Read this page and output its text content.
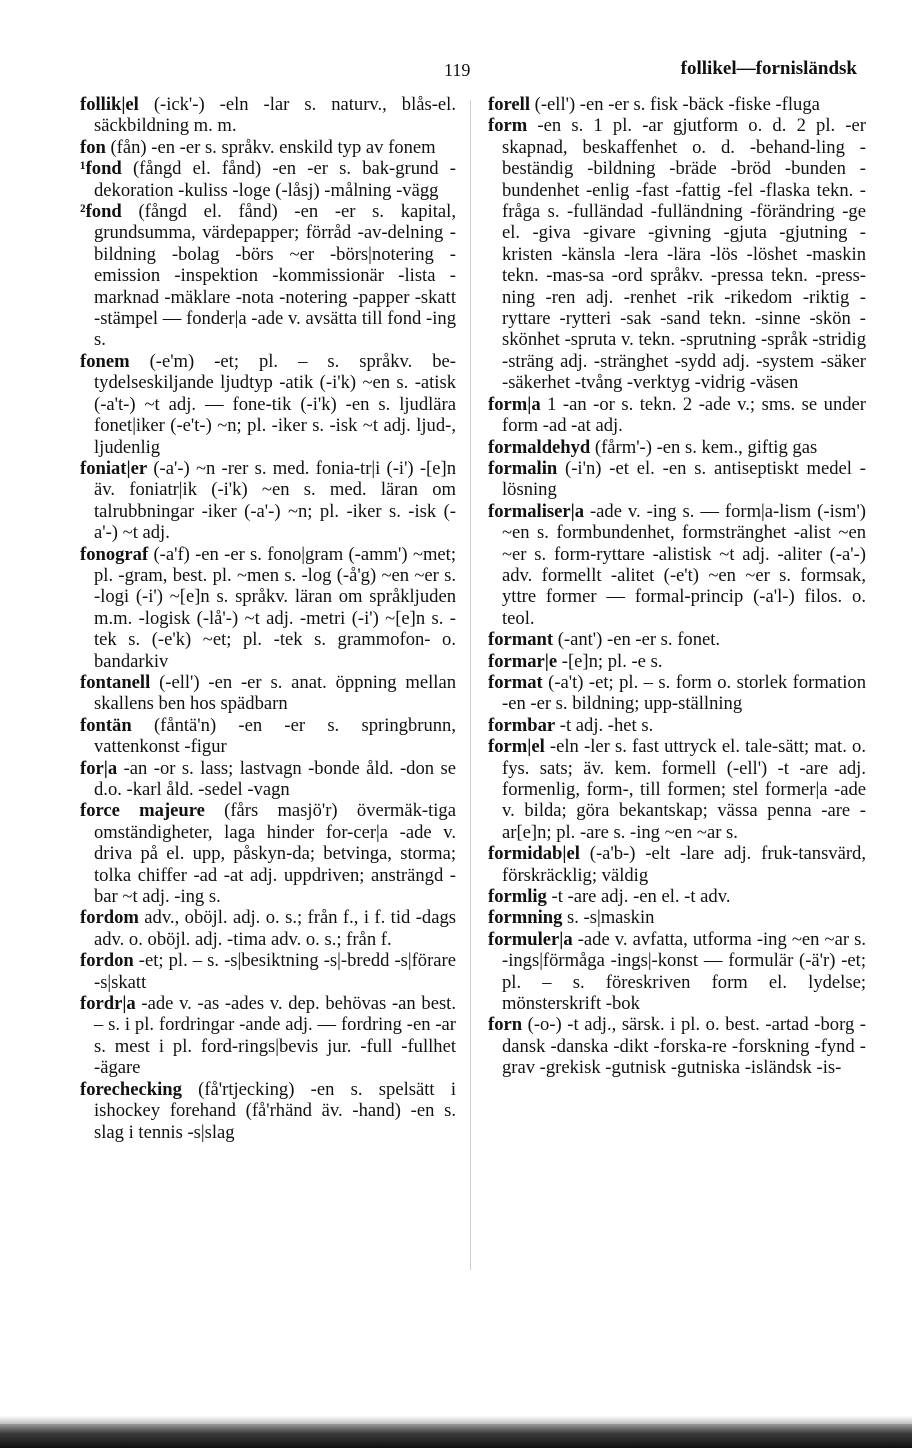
119	follikel—fornisländsk

follik|el (-ick'-) -eln -lar s. naturv., blås-el. säckbildning m. m.

fon (fån) -en -er s. språkv. enskild typ av fonem

¹fond (fångd el. fånd) -en -er s. bak-grund -dekoration -kuliss -loge (-låsj) -målning -vägg

²fond (fångd el. fånd) -en -er s. kapital, grundsumma, värdepapper; förråd -av-delning -bildning -bolag -börs ~er -börs|notering -emission -inspektion -kommissionär -lista -marknad -mäklare -nota -notering -papper -skatt -stämpel — fonder|a -ade v. avsätta till fond -ing s.

fonem (-e'm) -et; pl. – s. språkv. be-tydelseskiljande ljudtyp -atik (-i'k) ~en s. -atisk (-a't-) ~t adj. — fone-tik (-i'k) -en s. ljudlära fonet|iker (-e't-) ~n; pl. -iker s. -isk ~t adj. ljud-, ljudenlig

foniat|er (-a'-) ~n -rer s. med. fonia-tr|i (-i') -[e]n äv. foniatr|ik (-i'k) ~en s. med. läran om talrubbningar -iker (-a'-) ~n; pl. -iker s. -isk (-a'-) ~t adj.

fonograf (-a'f) -en -er s. fono|gram (-amm') ~met; pl. -gram, best. pl. ~men s. -log (-å'g) ~en ~er s. -logi (-i') ~[e]n s. språkv. läran om språkljuden m.m. -logisk (-lå'-) ~t adj. -metri (-i') ~[e]n s. -tek s. (-e'k) ~et; pl. -tek s. grammofon- o. bandarkiv

fontanell (-ell') -en -er s. anat. öppning mellan skallens ben hos spädbarn

fontän (fåntä'n) -en -er s. springbrunn, vattenkonst -figur

for|a -an -or s. lass; lastvagn -bonde åld. -don se d.o. -karl åld. -sedel -vagn

force majeure (fårs masjö'r) övermäk-tiga omständigheter, laga hinder for-cer|a -ade v. driva på el. upp, påskyn-da; betvinga, storma; tolka chiffer -ad -at adj. uppdriven; ansträngd -bar ~t adj. -ing s.

fordom adv., oböjl. adj. o. s.; från f., i f. tid -dags adv. o. oböjl. adj. -tima adv. o. s.; från f.

fordon -et; pl. – s. -s|besiktning -s|-bredd -s|förare -s|skatt

fordr|a -ade v. -as -ades v. dep. behövas -an best. – s. i pl. fordringar -ande adj. — fordring -en -ar s. mest i pl. ford-rings|bevis jur. -full -fullhet -ägare

forechecking (få'rtjecking) -en s. spelsätt i ishockey forehand (få'rhänd äv. -hand) -en s. slag i tennis -s|slag

forell (-ell') -en -er s. fisk -bäck -fiske -fluga

form -en s. 1 pl. -ar gjutform o. d. 2 pl. -er skapnad, beskaffenhet o. d. -behand-ling -beständig -bildning -bräde -bröd -bunden -bundenhet -enlig -fast -fattig -fel -flaska tekn. -fråga s. -fulländad -fulländning -förändring -ge el. -giva -givare -givning -gjuta -gjutning -kristen -känsla -lera -lära -lös -löshet -maskin tekn. -mas-sa -ord språkv. -pressa tekn. -press-ning -ren adj. -renhet -rik -rikedom -riktig -ryttare -rytteri -sak -sand tekn. -sinne -skön -skönhet -spruta v. tekn. -sprutning -språk -stridig -sträng adj. -stränghet -sydd adj. -system -säker -säkerhet -tvång -verktyg -vidrig -väsen

form|a 1 -an -or s. tekn. 2 -ade v.; sms. se under form -ad -at adj.

formaldehyd (fårm'-) -en s. kem., giftig gas

formalin (-i'n) -et el. -en s. antiseptiskt medel -lösning

formaliser|a -ade v. -ing s. — form|a-lism (-ism') ~en s. formbundenhet, formstränghet -alist ~en ~er s. form-ryttare -alistisk ~t adj. -aliter (-a'-) adv. formellt -alitet (-e't) ~en ~er s. formsak, yttre former — formal-princip (-a'l-) filos. o. teol.

formant (-ant') -en -er s. fonet.

formar|e -[e]n; pl. -e s.

format (-a't) -et; pl. – s. form o. storlek formation -en -er s. bildning; upp-ställning

formbar -t adj. -het s.

form|el -eln -ler s. fast uttryck el. tale-sätt; mat. o. fys. sats; äv. kem. formell (-ell') -t -are adj. formenlig, form-, till formen; stel former|a -ade v. bilda; göra bekantskap; vässa penna -are -ar[e]n; pl. -are s. -ing ~en ~ar s.

formidab|el (-a'b-) -elt -lare adj. fruk-tansvärd, förskräcklig; väldig

formlig -t -are adj. -en el. -t adv.

formning s. -s|maskin

formuler|a -ade v. avfatta, utforma -ing ~en ~ar s. -ings|förmåga -ings|-konst — formulär (-ä'r) -et; pl. – s. föreskriven form el. lydelse; mönsterskrift -bok

forn (-o-) -t adj., särsk. i pl. o. best. -artad -borg -dansk -danska -dikt -forska-re -forskning -fynd -grav -grekisk -gutnisk -gutniska -isländsk -is-
